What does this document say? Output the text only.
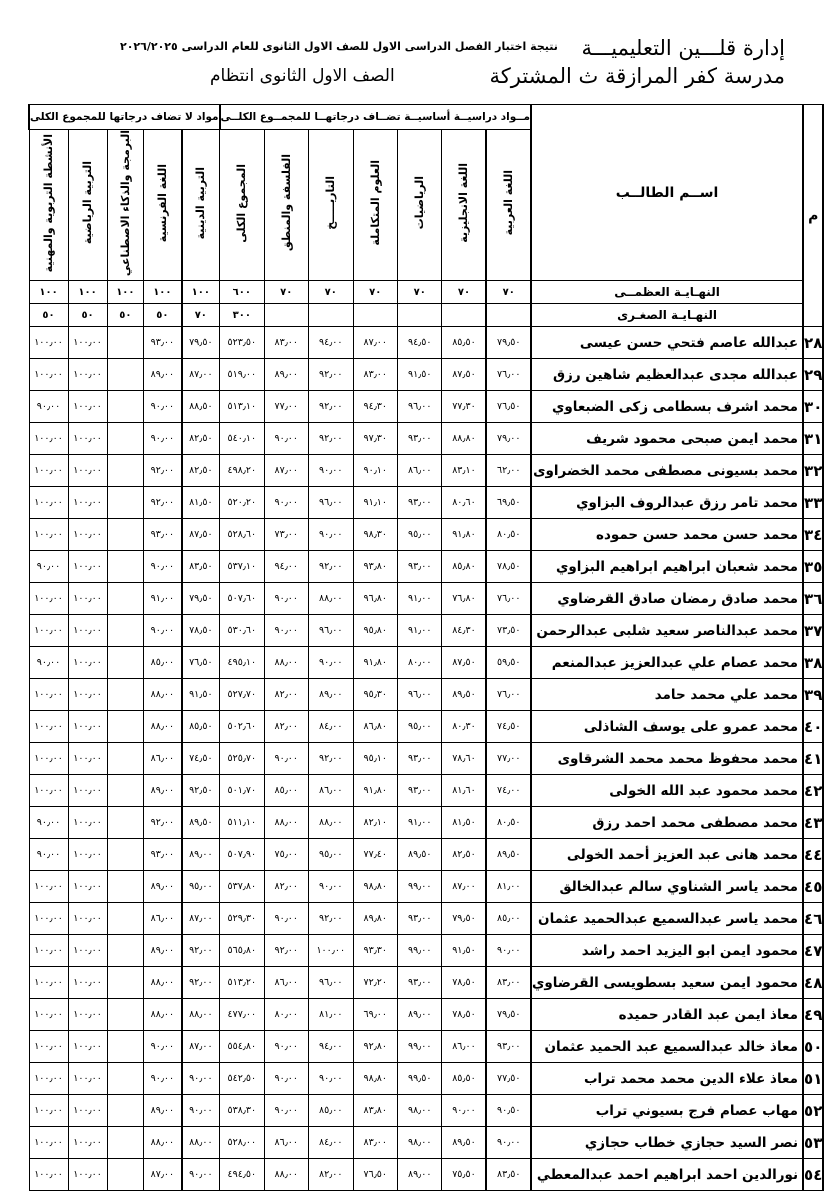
إدارة قلـــين التعليميـــة
مدرسة كفر المرازقة ث المشتركة
نتيجة اختبار الفصل الدراسى الاول للصف الاول الثانوى للعام الدراسى ٢٠٢٦/٢٠٢٥
الصف الاول الثانوى انتظام
مواد لا تضاف درجاتها للمجموع الكلى					مــواد دراسيــة أساسيــة تضــاف درجاتهــا للمجمــوع الكلــى							اســم الطالــب	م
الأنشطة التربوية والمهنية	التربية الرياضية	البرمجة والذكاء الاصطناعي	اللغة الفرنسية	التربية الدينية	المجموع الكلى	الفلسفة والمنطق	التاريـــــخ	العلوم المتكاملة	الرياضيات	اللغة الانجليزية	اللغة العربية		
١٠٠	١٠٠	١٠٠	١٠٠	١٠٠	٦٠٠	٧٠	٧٠	٧٠	٧٠	٧٠	٧٠	النهـايـة العظمــى	
٥٠	٥٠	٥٠	٥٠	٧٠	٣٠٠							النهـايـة الصغـرى	
١٠٠٫٠٠	١٠٠٫٠٠		٩٣٫٠٠	٧٩٫٥٠	٥٢٣٫٥٠	٨٣٫٠٠	٩٤٫٠٠	٨٧٫٠٠	٩٤٫٥٠	٨٥٫٥٠	٧٩٫٥٠	عبدالله عاصم فتحي حسن عيسى	٢٨
١٠٠٫٠٠	١٠٠٫٠٠		٨٩٫٠٠	٨٧٫٠٠	٥١٩٫٠٠	٨٩٫٠٠	٩٢٫٠٠	٨٣٫٠٠	٩١٫٥٠	٨٧٫٥٠	٧٦٫٠٠	عبدالله مجدى عبدالعظيم شاهين رزق	٢٩
٩٠٫٠٠	١٠٠٫٠٠		٩٠٫٠٠	٨٨٫٥٠	٥١٣٫١٠	٧٧٫٠٠	٩٢٫٠٠	٩٤٫٣٠	٩٦٫٠٠	٧٧٫٣٠	٧٦٫٥٠	محمد اشرف بسطامى زكى الضبعاوي	٣٠
١٠٠٫٠٠	١٠٠٫٠٠		٩٠٫٠٠	٨٢٫٥٠	٥٤٠٫١٠	٩٠٫٠٠	٩٢٫٠٠	٩٧٫٣٠	٩٣٫٠٠	٨٨٫٨٠	٧٩٫٠٠	محمد ايمن صبحى محمود شريف	٣١
١٠٠٫٠٠	١٠٠٫٠٠		٩٢٫٠٠	٨٢٫٥٠	٤٩٨٫٢٠	٨٧٫٠٠	٩٠٫٠٠	٩٠٫١٠	٨٦٫٠٠	٨٣٫١٠	٦٢٫٠٠	محمد بسيونى مصطفى محمد الخضراوى	٣٢
١٠٠٫٠٠	١٠٠٫٠٠		٩٢٫٠٠	٨١٫٥٠	٥٢٠٫٢٠	٩٠٫٠٠	٩٦٫٠٠	٩١٫١٠	٩٣٫٠٠	٨٠٫٦٠	٦٩٫٥٠	محمد تامر رزق عبدالروف البزاوي	٣٣
١٠٠٫٠٠	١٠٠٫٠٠		٩٣٫٠٠	٨٧٫٥٠	٥٢٨٫٦٠	٧٣٫٠٠	٩٠٫٠٠	٩٨٫٣٠	٩٥٫٠٠	٩١٫٨٠	٨٠٫٥٠	محمد حسن محمد حسن حموده	٣٤
٩٠٫٠٠	١٠٠٫٠٠		٩٠٫٠٠	٨٣٫٥٠	٥٣٧٫١٠	٩٤٫٠٠	٩٢٫٠٠	٩٣٫٨٠	٩٣٫٠٠	٨٥٫٨٠	٧٨٫٥٠	محمد شعبان ابراهيم ابراهيم البزاوي	٣٥
١٠٠٫٠٠	١٠٠٫٠٠		٩١٫٠٠	٧٩٫٥٠	٥٠٧٫٦٠	٩٠٫٠٠	٨٨٫٠٠	٩٦٫٨٠	٩١٫٠٠	٧٦٫٨٠	٧٦٫٠٠	محمد صادق رمضان صادق القرضاوي	٣٦
١٠٠٫٠٠	١٠٠٫٠٠		٩٠٫٠٠	٧٨٫٥٠	٥٣٠٫٦٠	٩٠٫٠٠	٩٦٫٠٠	٩٥٫٨٠	٩١٫٠٠	٨٤٫٣٠	٧٣٫٥٠	محمد عبدالناصر سعيد شلبى عبدالرحمن	٣٧
٩٠٫٠٠	١٠٠٫٠٠		٨٥٫٠٠	٧٦٫٥٠	٤٩٥٫١٠	٨٨٫٠٠	٩٠٫٠٠	٩١٫٨٠	٨٠٫٠٠	٨٧٫٥٠	٥٩٫٥٠	محمد عصام علي عبدالعزيز عبدالمنعم	٣٨
١٠٠٫٠٠	١٠٠٫٠٠		٨٨٫٠٠	٩١٫٥٠	٥٢٧٫٧٠	٨٢٫٠٠	٨٩٫٠٠	٩٥٫٣٠	٩٦٫٠٠	٨٩٫٥٠	٧٦٫٠٠	محمد علي محمد حامد	٣٩
١٠٠٫٠٠	١٠٠٫٠٠		٨٨٫٠٠	٨٥٫٥٠	٥٠٢٫٦٠	٨٢٫٠٠	٨٤٫٠٠	٨٦٫٨٠	٩٥٫٠٠	٨٠٫٣٠	٧٤٫٥٠	محمد عمرو على يوسف الشاذلى	٤٠
١٠٠٫٠٠	١٠٠٫٠٠		٨٦٫٠٠	٧٤٫٥٠	٥٢٥٫٧٠	٩٠٫٠٠	٩٢٫٠٠	٩٥٫١٠	٩٣٫٠٠	٧٨٫٦٠	٧٧٫٠٠	محمد محفوظ محمد محمد الشرقاوى	٤١
١٠٠٫٠٠	١٠٠٫٠٠		٨٩٫٠٠	٩٢٫٥٠	٥٠١٫٧٠	٨٥٫٠٠	٨٦٫٠٠	٩١٫٨٠	٩٣٫٠٠	٨١٫٦٠	٧٤٫٠٠	محمد محمود عبد الله الخولى	٤٢
٩٠٫٠٠	١٠٠٫٠٠		٩٢٫٠٠	٨٩٫٥٠	٥١١٫١٠	٨٨٫٠٠	٨٨٫٠٠	٨٢٫١٠	٩١٫٠٠	٨١٫٥٠	٨٠٫٥٠	محمد مصطفى محمد احمد رزق	٤٣
٩٠٫٠٠	١٠٠٫٠٠		٩٣٫٠٠	٨٩٫٠٠	٥٠٧٫٩٠	٧٥٫٠٠	٩٥٫٠٠	٧٧٫٤٠	٨٩٫٥٠	٨٢٫٥٠	٨٩٫٥٠	محمد هانى عبد العزيز أحمد الخولى	٤٤
١٠٠٫٠٠	١٠٠٫٠٠		٨٩٫٠٠	٩٥٫٠٠	٥٣٧٫٨٠	٨٢٫٠٠	٩٠٫٠٠	٩٨٫٨٠	٩٩٫٠٠	٨٧٫٠٠	٨١٫٠٠	محمد ياسر الشناوي سالم عبدالخالق	٤٥
١٠٠٫٠٠	١٠٠٫٠٠		٨٦٫٠٠	٨٧٫٠٠	٥٢٩٫٣٠	٩٠٫٠٠	٩٢٫٠٠	٨٩٫٨٠	٩٣٫٠٠	٧٩٫٥٠	٨٥٫٠٠	محمد ياسر عبدالسميع عبدالحميد عثمان	٤٦
١٠٠٫٠٠	١٠٠٫٠٠		٨٩٫٠٠	٩٢٫٠٠	٥٦٥٫٨٠	٩٢٫٠٠	١٠٠٫٠٠	٩٣٫٣٠	٩٩٫٠٠	٩١٫٥٠	٩٠٫٠٠	محمود ايمن ابو اليزيد احمد راشد	٤٧
١٠٠٫٠٠	١٠٠٫٠٠		٨٨٫٠٠	٩٢٫٠٠	٥١٣٫٢٠	٨٦٫٠٠	٩٦٫٠٠	٧٢٫٢٠	٩٣٫٠٠	٧٨٫٥٠	٨٣٫٠٠	محمود ايمن سعيد بسطويسى القرضاوي	٤٨
١٠٠٫٠٠	١٠٠٫٠٠		٨٨٫٠٠	٨٨٫٠٠	٤٧٧٫٠٠	٨٠٫٠٠	٨١٫٠٠	٦٩٫٠٠	٨٩٫٠٠	٧٨٫٥٠	٧٩٫٥٠	معاذ ايمن عبد القادر حميده	٤٩
١٠٠٫٠٠	١٠٠٫٠٠		٩٠٫٠٠	٨٧٫٠٠	٥٥٤٫٨٠	٩٠٫٠٠	٩٤٫٠٠	٩٢٫٨٠	٩٩٫٠٠	٨٦٫٠٠	٩٣٫٠٠	معاذ خالد عبدالسميع عبد الحميد عثمان	٥٠
١٠٠٫٠٠	١٠٠٫٠٠		٩٠٫٠٠	٩٠٫٠٠	٥٤٢٫٥٠	٩٠٫٠٠	٩٠٫٠٠	٩٨٫٨٠	٩٩٫٥٠	٨٥٫٥٠	٧٧٫٥٠	معاذ علاء الدين محمد محمد تراب	٥١
١٠٠٫٠٠	١٠٠٫٠٠		٨٩٫٠٠	٩٠٫٠٠	٥٣٨٫٣٠	٩٠٫٠٠	٨٥٫٠٠	٨٣٫٨٠	٩٨٫٠٠	٩٠٫٠٠	٩٠٫٥٠	مهاب عصام فرج بسيوني تراب	٥٢
١٠٠٫٠٠	١٠٠٫٠٠		٨٨٫٠٠	٨٨٫٠٠	٥٢٨٫٠٠	٨٦٫٠٠	٨٤٫٠٠	٨٣٫٠٠	٩٨٫٠٠	٨٩٫٥٠	٩٠٫٠٠	نصر السيد حجازي خطاب حجازي	٥٣
١٠٠٫٠٠	١٠٠٫٠٠		٨٧٫٠٠	٩٠٫٠٠	٤٩٤٫٥٠	٨٨٫٠٠	٨٢٫٠٠	٧٦٫٥٠	٨٩٫٠٠	٧٥٫٥٠	٨٣٫٥٠	نورالدين احمد ابراهيم احمد عبدالمعطي	٥٤
